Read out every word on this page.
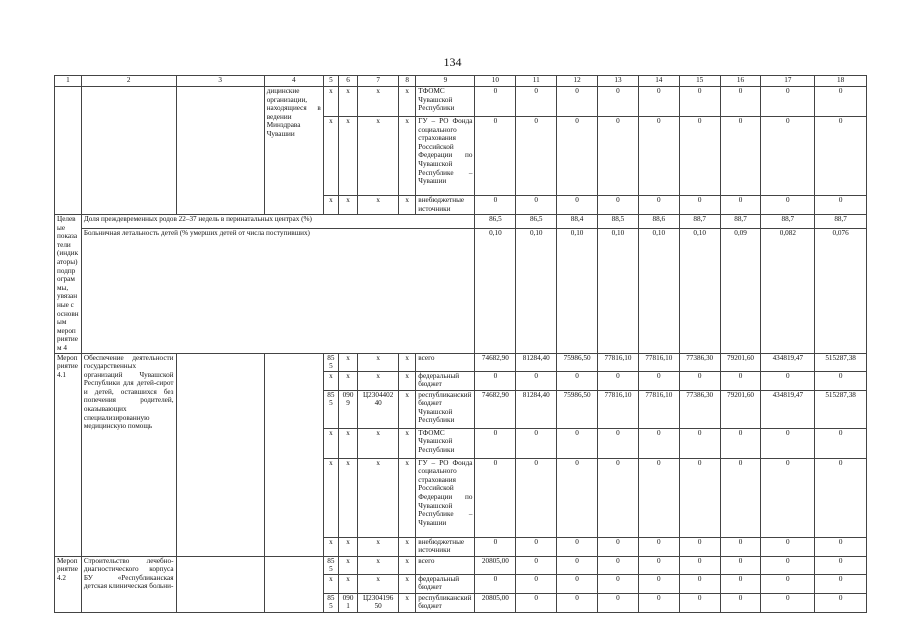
134
1	2	3	4	5	6	7	8	9	10	11	12	13	14	15	16	17	18
			дицинские организации, находящиеся в ведении Минздрава Чувашии	x	x	x	x	ТФОМС Чувашской Республики	0	0	0	0	0	0	0	0	0
				x	x	x	x	ГУ – РО Фонда социального страхования Российской Федерации по Чувашской Республике – Чувашии	0	0	0	0	0	0	0	0	0
				x	x	x	x	внебюджетные источники	0	0	0	0	0	0	0	0	0
Целевые показатели (индикаторы) подпрограммы, увязанные с основным мероприятием 4	Доля преждевременных родов 22–37 недель в перинатальных центрах (%)								86,5	86,5	88,4	88,5	88,6	88,7	88,7	88,7	88,7
	Больничная летальность детей (% умерших детей от числа поступивших)								0,10	0,10	0,10	0,10	0,10	0,10	0,09	0,082	0,076
Мероприятие 4.1	Обеспечение деятельности государственных организаций Чувашской Республики для детей-сирот и детей, оставшихся без попечения родителей, оказывающих специализированную медицинскую помощь			855	x	x	x	всего	74682,90	81284,40	75986,50	77816,10	77816,10	77386,30	79201,60	434819,47	515287,38
				x	x	x	x	федеральный бюджет	0	0	0	0	0	0	0	0	0
				855	0909	Ц2304402 40	x	республиканский бюджет Чувашской Республики	74682,90	81284,40	75986,50	77816,10	77816,10	77386,30	79201,60	434819,47	515287,38
				x	x	x	x	ТФОМС Чувашской Республики	0	0	0	0	0	0	0	0	0
				x	x	x	x	ГУ – РО Фонда социального страхования Российской Федерации по Чувашской Республике – Чувашии	0	0	0	0	0	0	0	0	0
				x	x	x	x	внебюджетные источники	0	0	0	0	0	0	0	0	0
Мероприятие 4.2	Строительство лечебно-диагностического корпуса БУ «Республиканская детская клиническая больни-			855	x	x	x	всего	20805,00	0	0	0	0	0	0	0	0
				x	x	x	x	федеральный бюджет	0	0	0	0	0	0	0	0	0
				855	0901	Ц2304196 50	x	республиканский бюджет	20805,00	0	0	0	0	0	0	0	0
